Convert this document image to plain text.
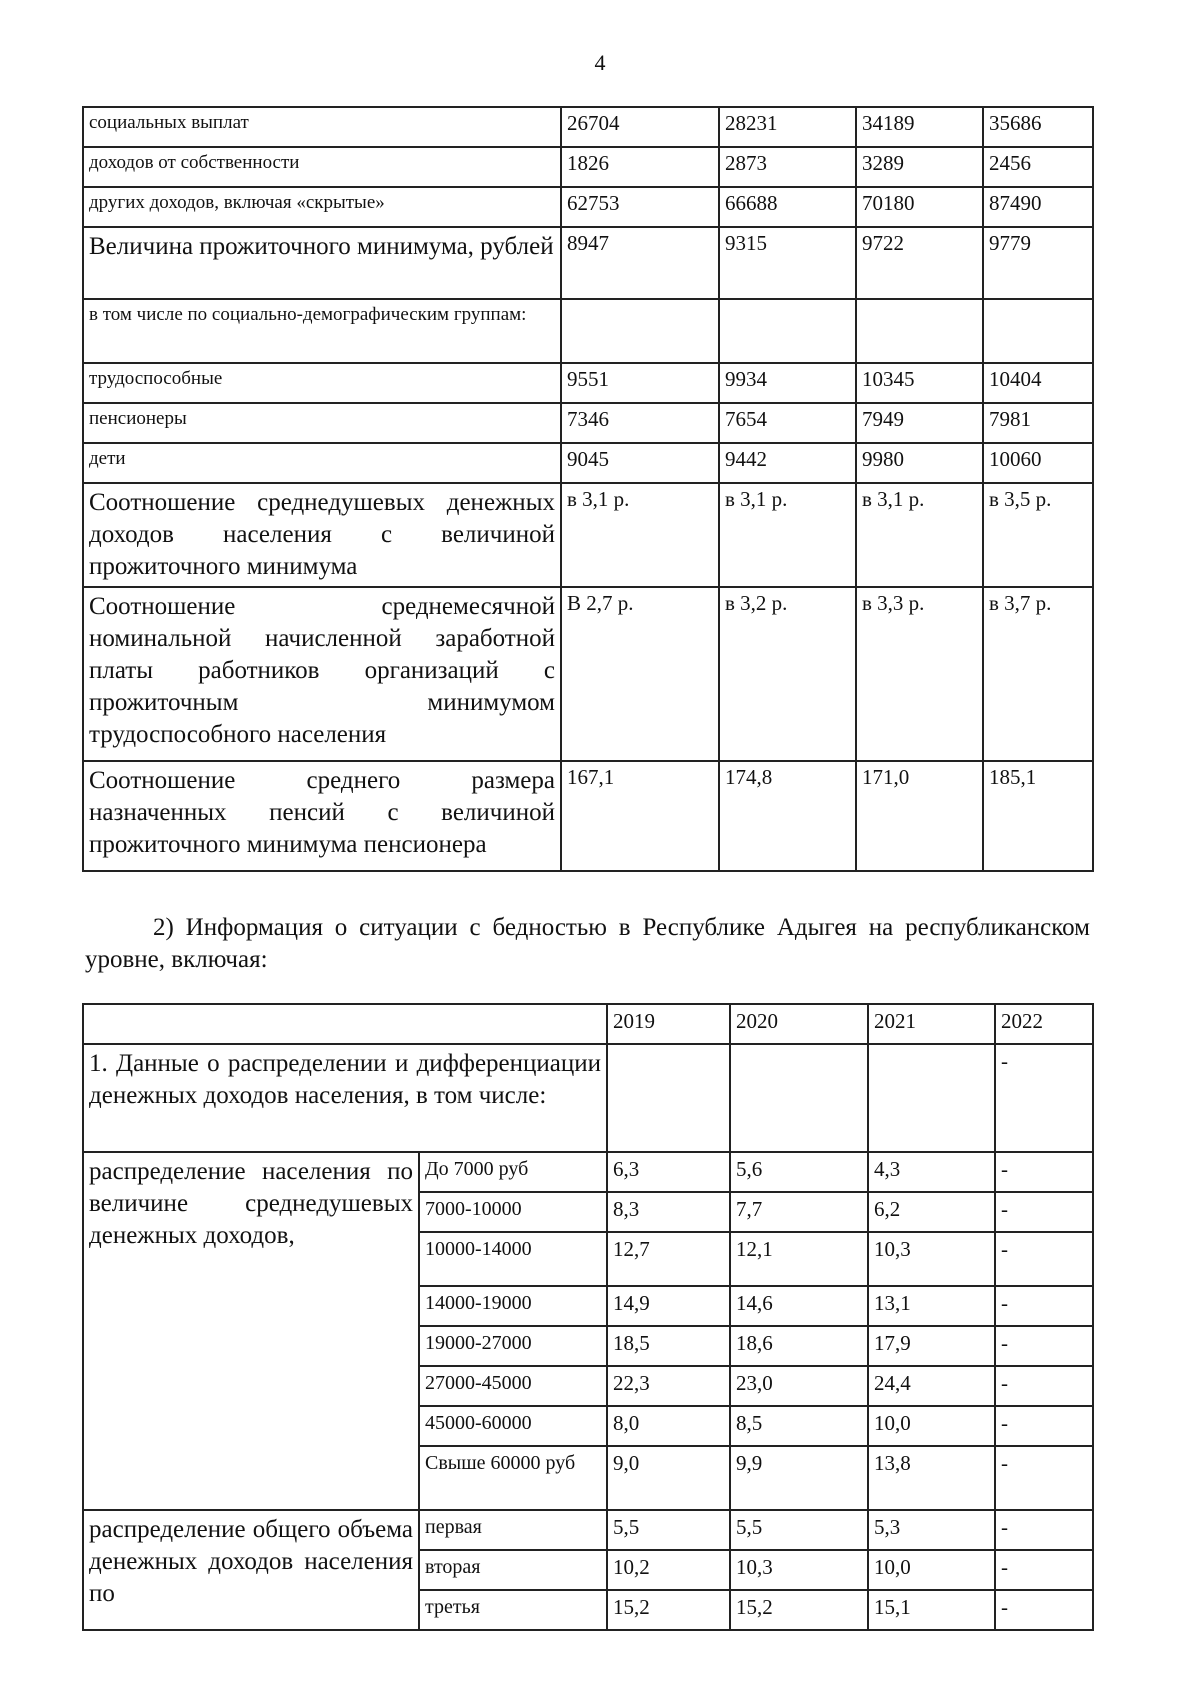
4
социальных выплат	26704	28231	34189	35686
доходов от собственности	1826	2873	3289	2456
других доходов, включая «скрытые»	62753	66688	70180	87490
Величина прожиточного минимума, рублей	8947	9315	9722	9779
в том числе по социально-демографическим группам:				
трудоспособные	9551	9934	10345	10404
пенсионеры	7346	7654	7949	7981
дети	9045	9442	9980	10060
Соотношение среднедушевых денежных доходов населения с величиной прожиточного минимума	в 3,1 р.	в 3,1 р.	в 3,1 р.	в 3,5 р.
Соотношение среднемесячной номинальной начисленной заработной платы работников организаций с прожиточным минимумом трудоспособного населения	В 2,7 р.	в 3,2 р.	в 3,3 р.	в 3,7 р.
Соотношение среднего размера назначенных пенсий с величиной прожиточного минимума пенсионера	167,1	174,8	171,0	185,1
2) Информация о ситуации с бедностью в Республике Адыгея на республиканском уровне, включая:
		2019	2020	2021	2022
1. Данные о распределении и дифференциации денежных доходов населения, в том числе:					-
распределение населения по величине среднедушевых денежных доходов,	До 7000 руб	6,3	5,6	4,3	-
	7000-10000	8,3	7,7	6,2	-
	10000-14000	12,7	12,1	10,3	-
	14000-19000	14,9	14,6	13,1	-
	19000-27000	18,5	18,6	17,9	-
	27000-45000	22,3	23,0	24,4	-
	45000-60000	8,0	8,5	10,0	-
	Свыше 60000 руб	9,0	9,9	13,8	-
распределение общего объема денежных доходов населения по	первая	5,5	5,5	5,3	-
	вторая	10,2	10,3	10,0	-
	третья	15,2	15,2	15,1	-
